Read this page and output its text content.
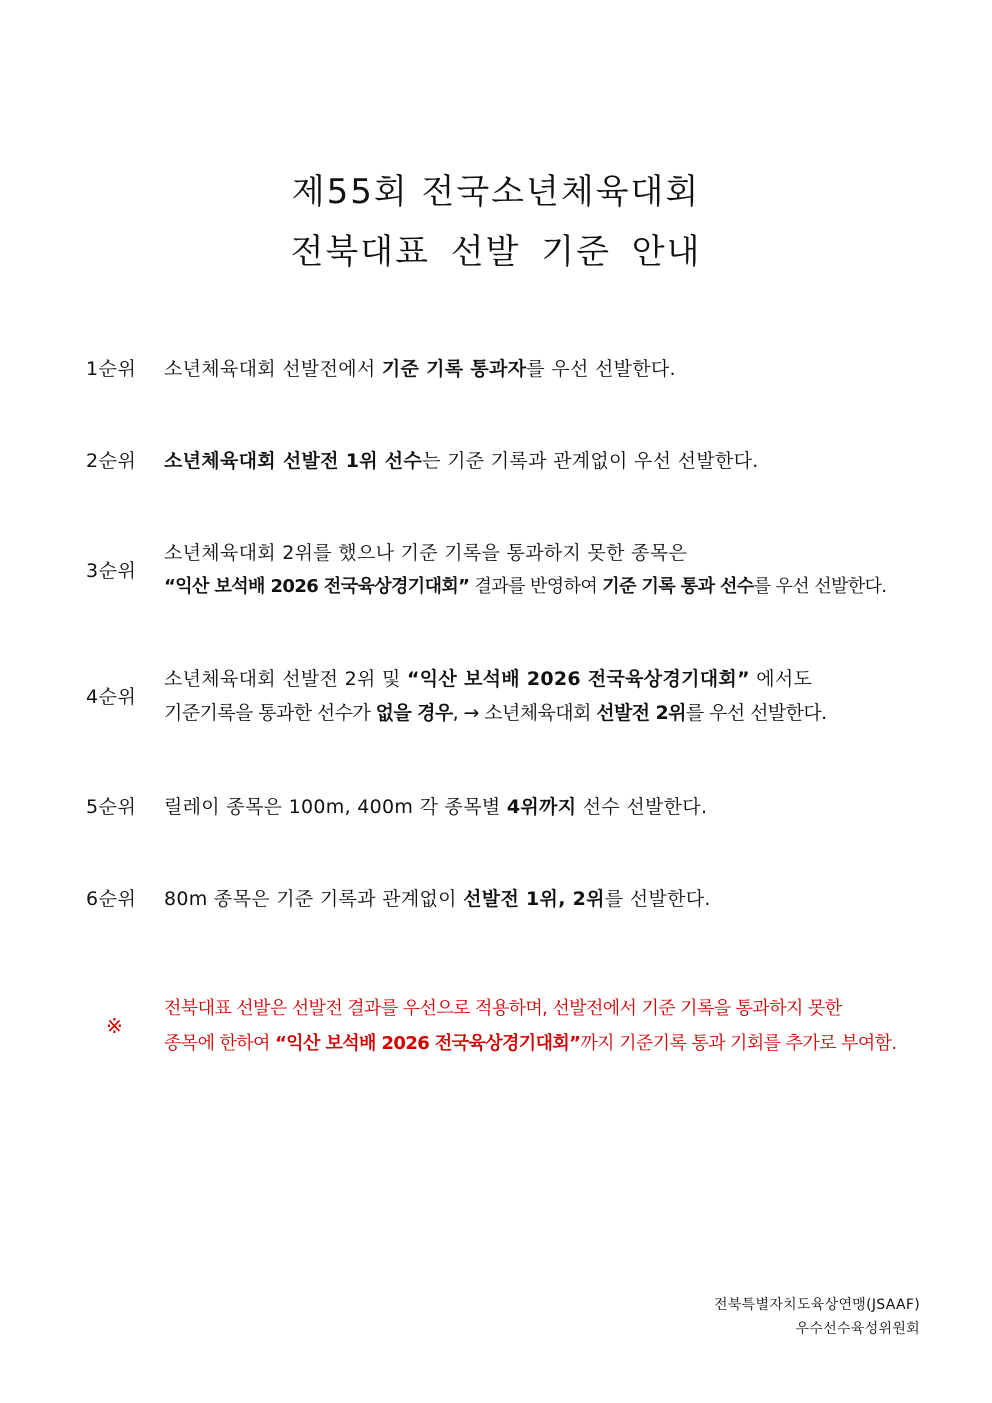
제55회 전국소년체육대회
전북대표 선발 기준 안내
1순위 소년체육대회 선발전에서 기준 기록 통과자를 우선 선발한다.
2순위 소년체육대회 선발전 1위 선수는 기준 기록과 관계없이 우선 선발한다.
3순위
소년체육대회 2위를 했으나 기준 기록을 통과하지 못한 종목은
“익산 보석배 2026 전국육상경기대회” 결과를 반영하여 기준 기록 통과 선수를 우선 선발한다.
4순위
소년체육대회 선발전 2위 및 “익산 보석배 2026 전국육상경기대회” 에서도
기준기록을 통과한 선수가 없을 경우, → 소년체육대회 선발전 2위를 우선 선발한다.
5순위 릴레이 종목은 100m, 400m 각 종목별 4위까지 선수 선발한다.
6순위 80m 종목은 기준 기록과 관계없이 선발전 1위, 2위를 선발한다.
※
전북대표 선발은 선발전 결과를 우선으로 적용하며, 선발전에서 기준 기록을 통과하지 못한
종목에 한하여 “익산 보석배 2026 전국육상경기대회”까지 기준기록 통과 기회를 추가로 부여함.
전북특별자치도육상연맹(JSAAF)
우수선수육성위원회
